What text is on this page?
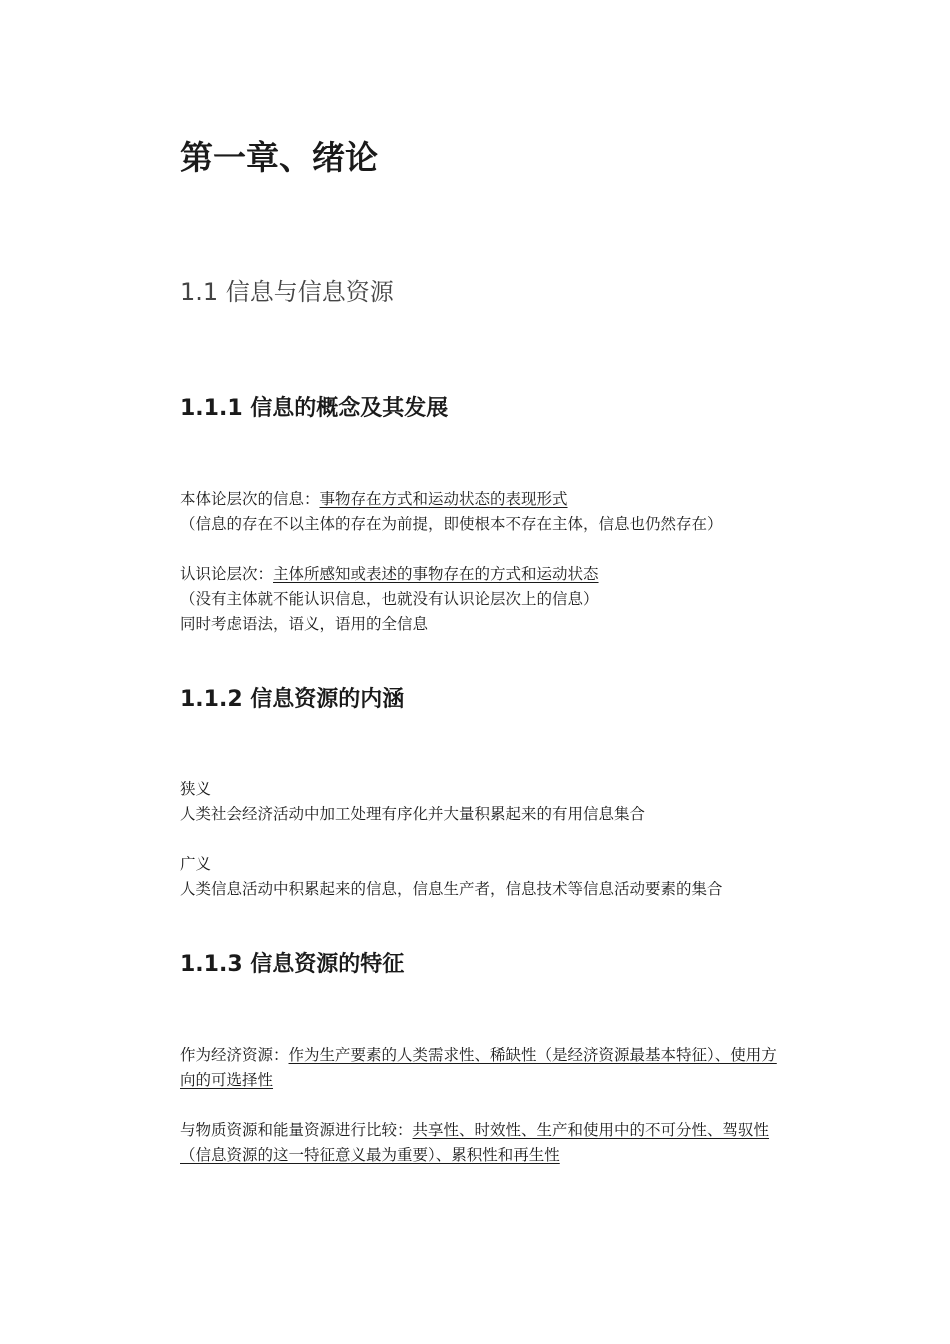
第一章、绪论
1.1 信息与信息资源
1.1.1 信息的概念及其发展

本体论层次的信息：事物存在方式和运动状态的表现形式

（信息的存在不以主体的存在为前提，即使根本不存在主体，信息也仍然存在）

认识论层次：主体所感知或表述的事物存在的方式和运动状态

（没有主体就不能认识信息，也就没有认识论层次上的信息）

同时考虑语法，语义，语用的全信息

1.1.2 信息资源的内涵

狭义

人类社会经济活动中加工处理有序化并大量积累起来的有用信息集合

广义

人类信息活动中积累起来的信息，信息生产者，信息技术等信息活动要素的集合

1.1.3 信息资源的特征

作为经济资源：作为生产要素的人类需求性、稀缺性（是经济资源最基本特征）、使用方向的可选择性

与物质资源和能量资源进行比较：共享性、时效性、生产和使用中的不可分性、驾驭性（信息资源的这一特征意义最为重要）、累积性和再生性
